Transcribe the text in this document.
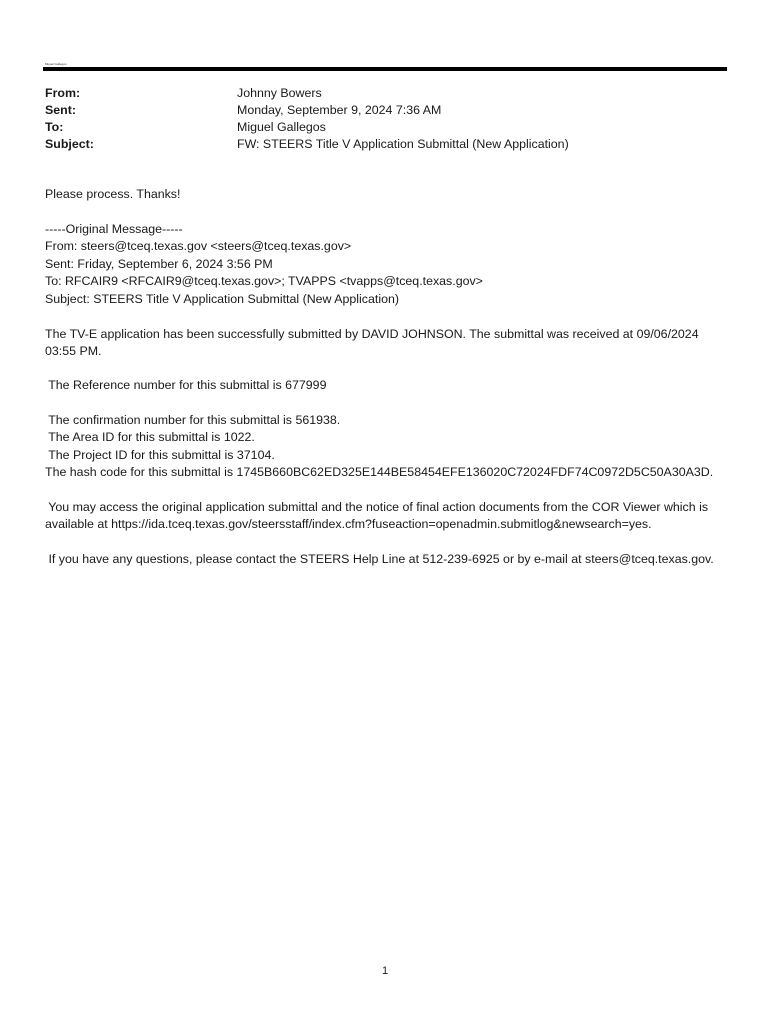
Miguel Gallegos
From:	Johnny Bowers
Sent:	Monday, September 9, 2024 7:36 AM
To:	Miguel Gallegos
Subject:	FW: STEERS Title V Application Submittal (New Application)
Please process. Thanks!
-----Original Message-----
From: steers@tceq.texas.gov <steers@tceq.texas.gov>
Sent: Friday, September 6, 2024 3:56 PM
To: RFCAIR9 <RFCAIR9@tceq.texas.gov>; TVAPPS <tvapps@tceq.texas.gov>
Subject: STEERS Title V Application Submittal (New Application)
The TV-E application has been successfully submitted by DAVID JOHNSON. The submittal was received at 09/06/2024
03:55 PM.
The Reference number for this submittal is 677999
The confirmation number for this submittal is 561938.
The Area ID for this submittal is 1022.
The Project ID for this submittal is 37104.
The hash code for this submittal is 1745B660BC62ED325E144BE58454EFE136020C72024FDF74C0972D5C50A30A3D.
You may access the original application submittal and the notice of final action documents from the COR Viewer which is
available at https://ida.tceq.texas.gov/steersstaff/index.cfm?fuseaction=openadmin.submitlog&newsearch=yes.
If you have any questions, please contact the STEERS Help Line at 512-239-6925 or by e-mail at steers@tceq.texas.gov.
1
